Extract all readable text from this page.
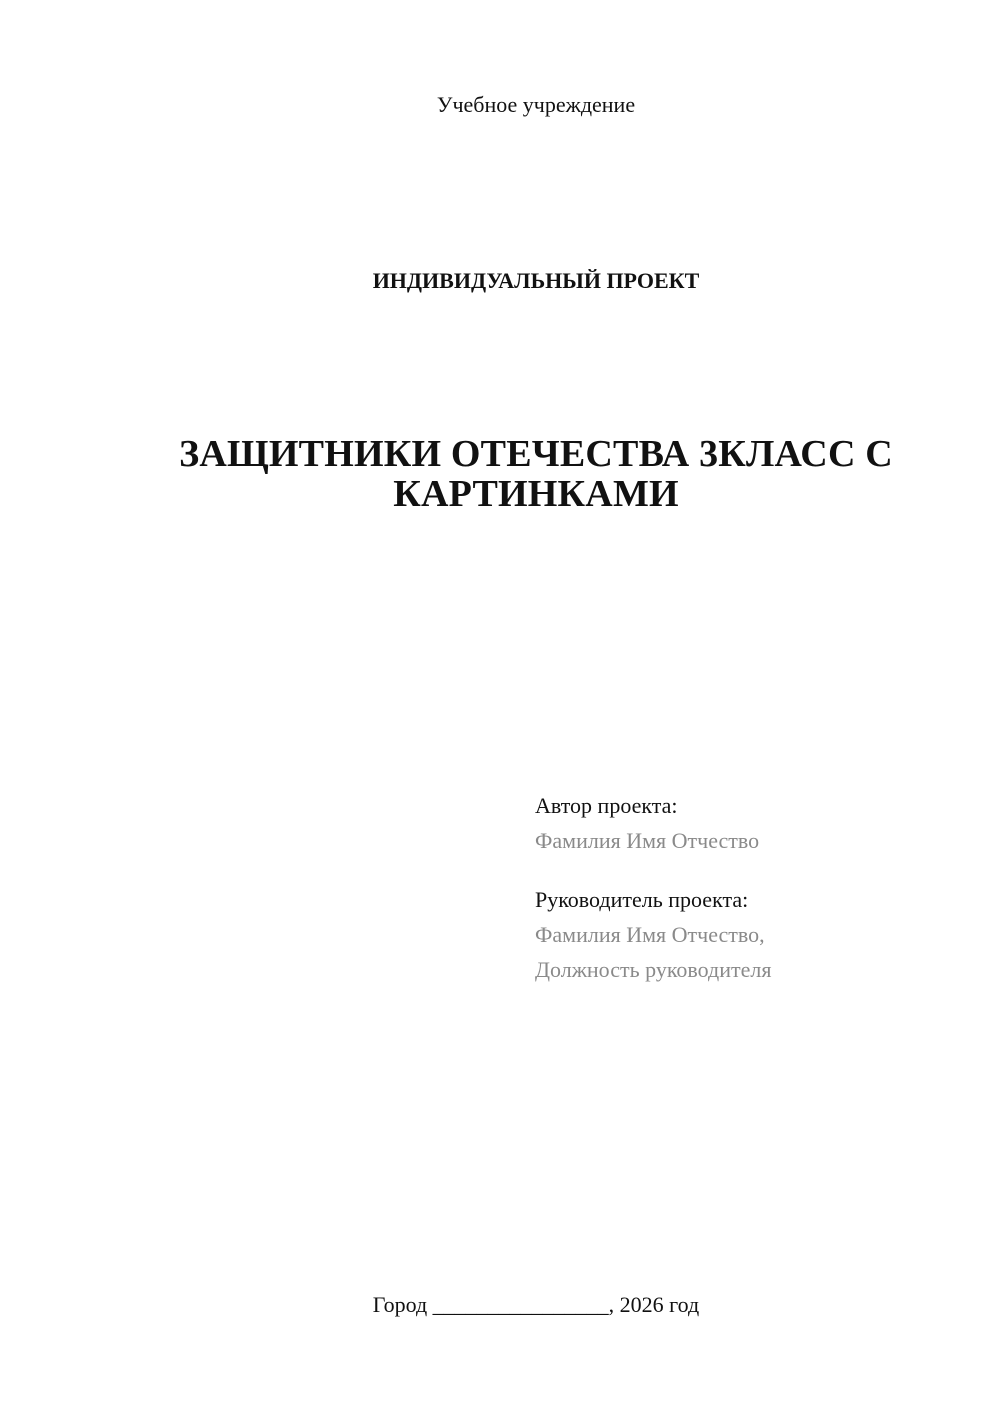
Учебное учреждение
ИНДИВИДУАЛЬНЫЙ ПРОЕКТ
ЗАЩИТНИКИ ОТЕЧЕСТВА 3КЛАСС С
КАРТИНКАМИ
Автор проекта:
Фамилия Имя Отчество
Руководитель проекта:
Фамилия Имя Отчество,
Должность руководителя
Город ________________, 2026 год
